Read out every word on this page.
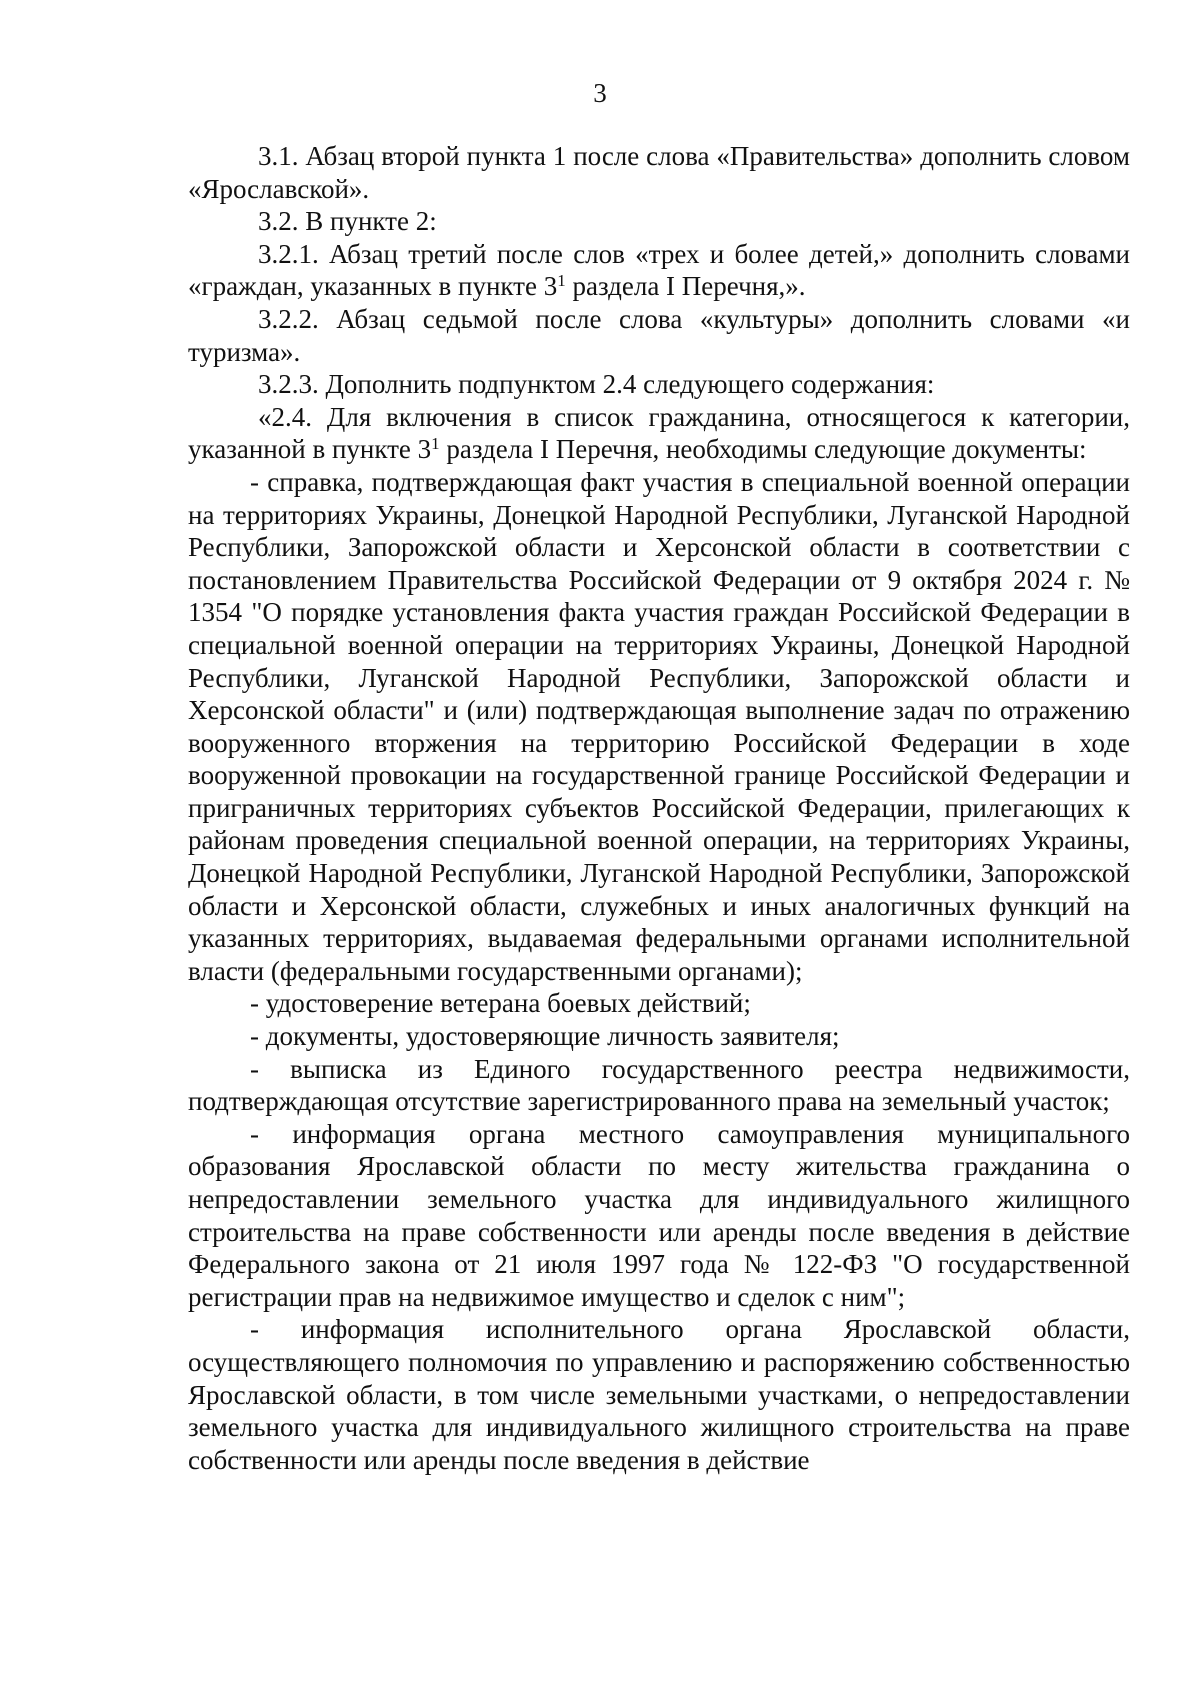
3

3.1. Абзац второй пункта 1 после слова «Правительства» дополнить словом «Ярославской».

3.2. В пункте 2:

3.2.1. Абзац третий после слов «трех и более детей,» дополнить словами «граждан, указанных в пункте $3^1$ раздела I Перечня,».

3.2.2. Абзац седьмой после слова «культуры» дополнить словами «и туризма».

3.2.3. Дополнить подпунктом 2.4 следующего содержания:

«2.4. Для включения в список гражданина, относящегося к категории, указанной в пункте $3^1$ раздела I Перечня, необходимы следующие документы:

- справка, подтверждающая факт участия в специальной военной операции на территориях Украины, Донецкой Народной Республики, Луганской Народной Республики, Запорожской области и Херсонской области в соответствии с постановлением Правительства Российской Федерации от 9 октября 2024 г. № 1354 "О порядке установления факта участия граждан Российской Федерации в специальной военной операции на территориях Украины, Донецкой Народной Республики, Луганской Народной Республики, Запорожской области и Херсонской области" и (или) подтверждающая выполнение задач по отражению вооруженного вторжения на территорию Российской Федерации в ходе вооруженной провокации на государственной границе Российской Федерации и приграничных территориях субъектов Российской Федерации, прилегающих к районам проведения специальной военной операции, на территориях Украины, Донецкой Народной Республики, Луганской Народной Республики, Запорожской области и Херсонской области, служебных и иных аналогичных функций на указанных территориях, выдаваемая федеральными органами исполнительной власти (федеральными государственными органами);

- удостоверение ветерана боевых действий;

- документы, удостоверяющие личность заявителя;

- выписка из Единого государственного реестра недвижимости, подтверждающая отсутствие зарегистрированного права на земельный участок;

- информация органа местного самоуправления муниципального образования Ярославской области по месту жительства гражданина о непредоставлении земельного участка для индивидуального жилищного строительства на праве собственности или аренды после введения в действие Федерального закона от 21 июля 1997 года № 122-ФЗ "О государственной регистрации прав на недвижимое имущество и сделок с ним";

- информация исполнительного органа Ярославской области, осуществляющего полномочия по управлению и распоряжению собственностью Ярославской области, в том числе земельными участками, о непредоставлении земельного участка для индивидуального жилищного строительства на праве собственности или аренды после введения в действие
